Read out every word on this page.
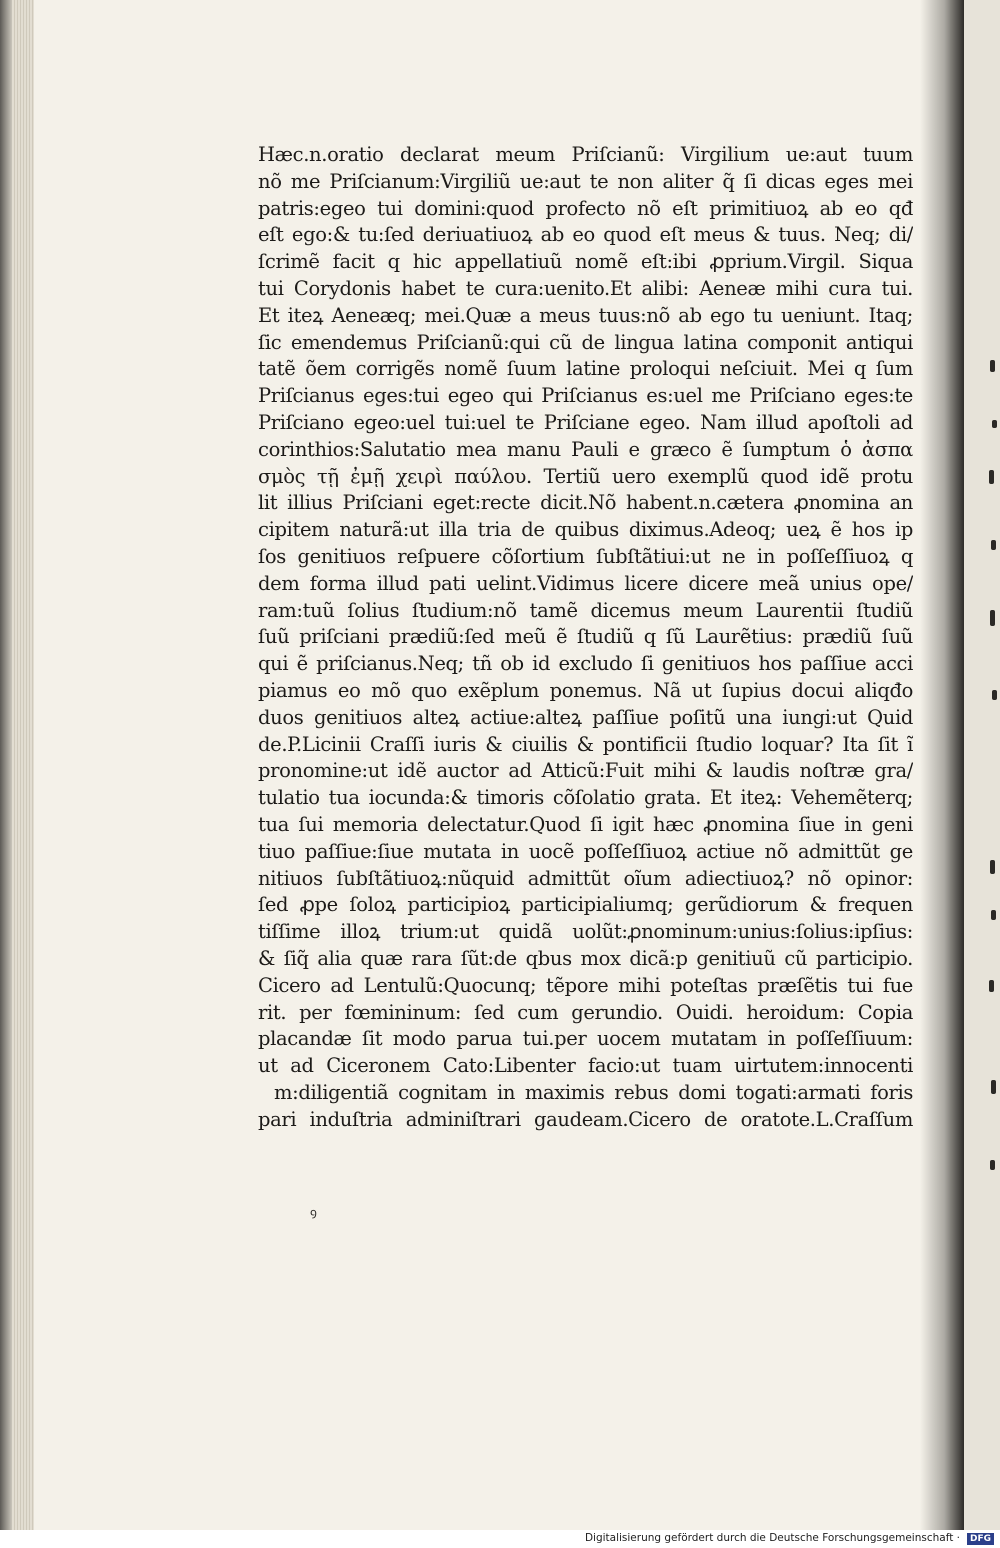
Hæc.n.oratio declarat meum Priſcianũ: Virgilium ue:aut tuum
nõ me Priſcianum:Virgiliũ ue:aut te non aliter q̃ ſi dicas eges mei
patris:egeo tui domini:quod profecto nõ eſt primitiuoꝝ ab eo qđ
eſt ego:& tu:ſed deriuatiuoꝝ ab eo quod eſt meus & tuus. Neq; di/
ſcrimẽ facit q hic appellatiuũ nomẽ eſt:ibi ꝓprium.Virgil. Siqua
tui Corydonis habet te cura:uenito.Et alibi: Aeneæ mihi cura tui.
Et iteꝝ Aeneæq; mei.Quæ a meus tuus:nõ ab ego tu ueniunt. Itaq;
ſic emendemus Priſcianũ:qui cũ de lingua latina componit antiqui
tatẽ õem corrigẽs nomẽ ſuum latine proloqui neſciuit. Mei q ſum
Priſcianus eges:tui egeo qui Priſcianus es:uel me Priſciano eges:te
Priſciano egeo:uel tui:uel te Priſciane egeo. Nam illud apoſtoli ad
corinthios:Salutatio mea manu Pauli e græco ẽ ſumptum ὁ ἀσπα
σμὸς τῇ ἐμῇ χειρὶ παύλου. Tertiũ uero exemplũ quod idẽ protu
lit illius Priſciani eget:recte dicit.Nõ habent.n.cætera ꝓnomina an
cipitem naturã:ut illa tria de quibus diximus.Adeoq; ueꝝ ẽ hos ip
ſos genitiuos reſpuere cõſortium ſubſtãtiui:ut ne in poſſeſſiuoꝝ q
dem forma illud pati uelint.Vidimus licere dicere meã unius ope/
ram:tuũ ſolius ſtudium:nõ tamẽ dicemus meum Laurentii ſtudiũ
ſuũ priſciani prædiũ:ſed meũ ẽ ſtudiũ q ſũ Laurẽtius: prædiũ ſuũ
qui ẽ priſcianus.Neq; tñ ob id excludo ſi genitiuos hos paſſiue acci
piamus eo mõ quo exẽplum ponemus. Nã ut ſupius docui aliqđo
duos genitiuos alteꝝ actiue:alteꝝ paſſiue poſitũ una iungi:ut Quid
de.P.Licinii Craſſi iuris & ciuilis & pontificii ſtudio loquar? Ita ſit ĩ
pronomine:ut idẽ auctor ad Atticũ:Fuit mihi & laudis noſtræ gra/
tulatio tua iocunda:& timoris cõſolatio grata. Et iteꝝ: Vehemẽterq;
tua ſui memoria delectatur.Quod ſi igit hæc ꝓnomina ſiue in geni
tiuo paſſiue:ſiue mutata in uocẽ poſſeſſiuoꝝ actiue nõ admittũt ge
nitiuos ſubſtãtiuoꝝ:nũquid admittũt oĩum adiectiuoꝝ? nõ opinor:
ſed ꝓpe ſoloꝝ participioꝝ participialiumq; gerũdiorum & frequen
tiſſime illoꝝ trium:ut quidã uolũt:ꝓnominum:unius:ſolius:ipſius:
& ſiq̃ alia quæ rara ſũt:de qbus mox dicã:p genitiuũ cũ participio.
Cicero ad Lentulũ:Quocunq; tẽpore mihi poteſtas præſẽtis tui fue
rit. per fœmininum: ſed cum gerundio. Ouidi. heroidum: Copia
placandæ ſit modo parua tui.per uocem mutatam in poſſeſſiuum:
ut ad Ciceronem Cato:Libenter facio:ut tuam uirtutem:innocenti
m:diligentiã cognitam in maximis rebus domi togati:armati foris
pari induſtria adminiſtrari gaudeam.Cicero de oratote.L.Craſſum
ꝰ
Digitalisierung gefördert durch die Deutsche Forschungsgemeinschaft ·	DFG
